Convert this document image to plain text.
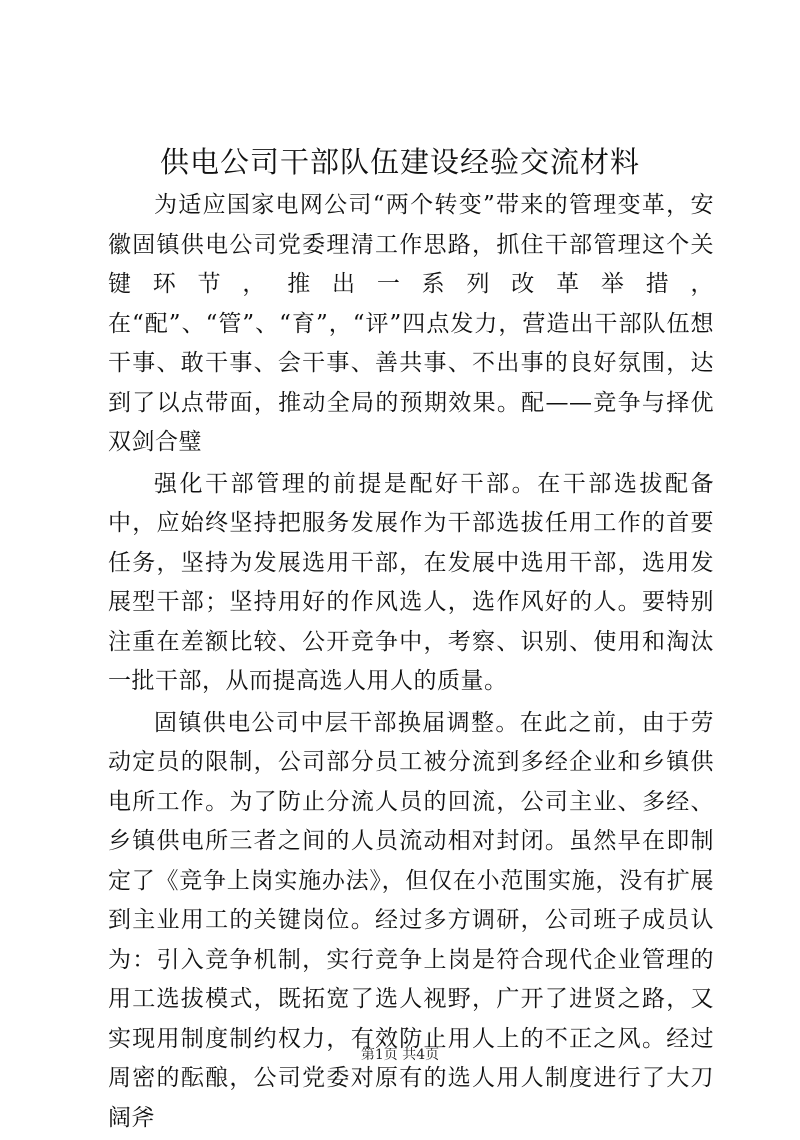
供电公司干部队伍建设经验交流材料

为适应国家电网公司“两个转变”带来的管理变革，安徽固镇供电公司党委理清工作思路，抓住干部管理这个关键环节，推出一系列改革举措，在“配”、“管”、“育”，“评”四点发力，营造出干部队伍想干事、敢干事、会干事、善共事、不出事的良好氛围，达到了以点带面，推动全局的预期效果。配——竞争与择优双剑合璧

强化干部管理的前提是配好干部。在干部选拔配备中，应始终坚持把服务发展作为干部选拔任用工作的首要任务，坚持为发展选用干部，在发展中选用干部，选用发展型干部；坚持用好的作风选人，选作风好的人。要特别注重在差额比较、公开竞争中，考察、识别、使用和淘汰一批干部，从而提高选人用人的质量。

固镇供电公司中层干部换届调整。在此之前，由于劳动定员的限制，公司部分员工被分流到多经企业和乡镇供电所工作。为了防止分流人员的回流，公司主业、多经、乡镇供电所三者之间的人员流动相对封闭。虽然早在即制定了《竞争上岗实施办法》，但仅在小范围实施，没有扩展到主业用工的关键岗位。经过多方调研，公司班子成员认为：引入竞争机制，实行竞争上岗是符合现代企业管理的用工选拔模式，既拓宽了选人视野，广开了进贤之路，又实现用制度制约权力，有效防止用人上的不正之风。经过周密的酝酿，公司党委对原有的选人用人制度进行了大刀阔斧

第1页 共4页
